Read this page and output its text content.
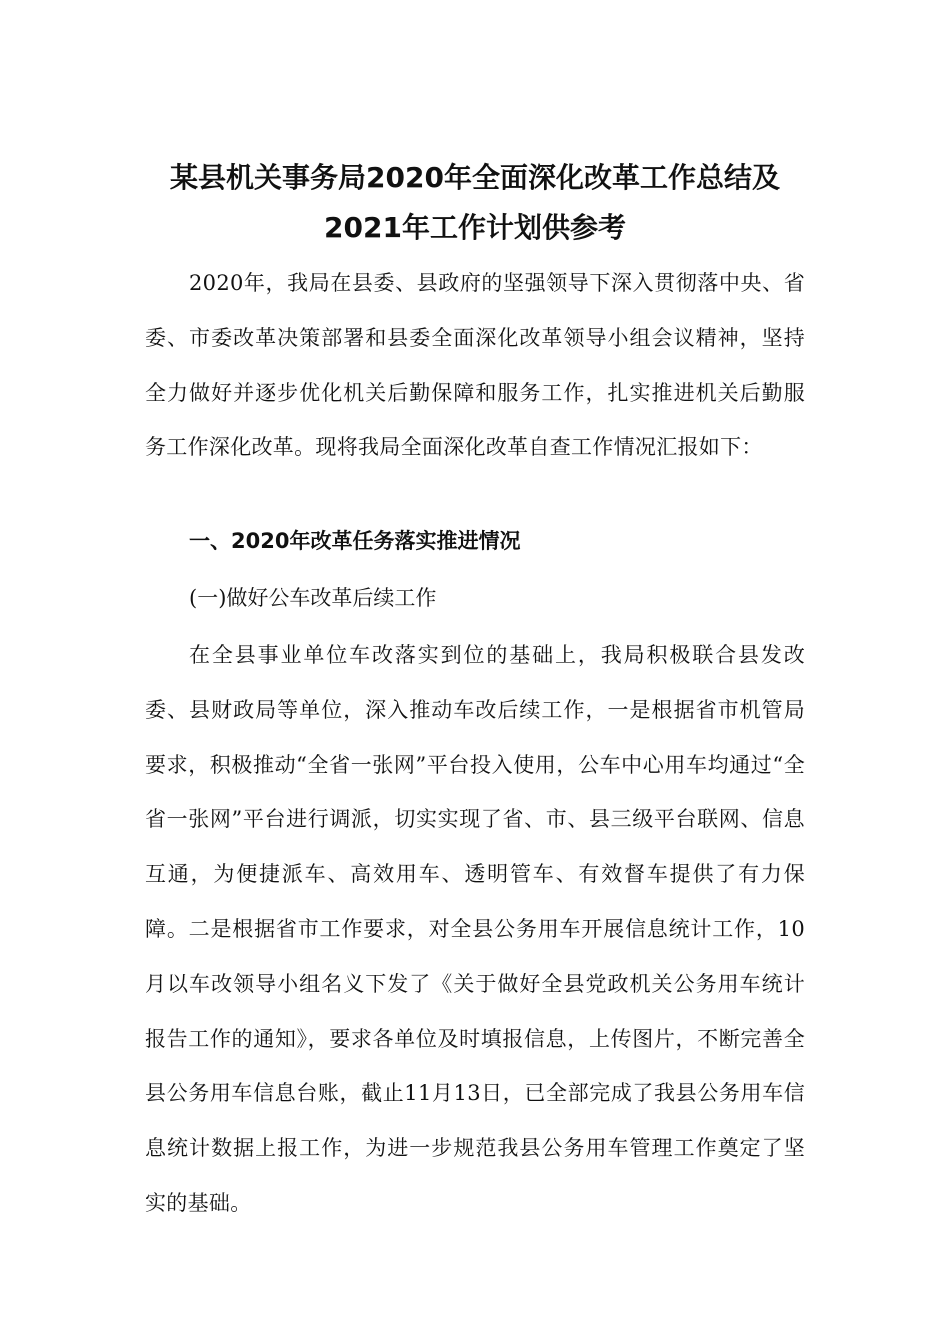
某县机关事务局2020年全面深化改革工作总结及
2021年工作计划供参考
2020年，我局在县委、县政府的坚强领导下深入贯彻落中央、省委、市委改革决策部署和县委全面深化改革领导小组会议精神，坚持全力做好并逐步优化机关后勤保障和服务工作，扎实推进机关后勤服务工作深化改革。现将我局全面深化改革自查工作情况汇报如下：
一、2020年改革任务落实推进情况
(一)做好公车改革后续工作
在全县事业单位车改落实到位的基础上，我局积极联合县发改委、县财政局等单位，深入推动车改后续工作，一是根据省市机管局要求，积极推动“全省一张网”平台投入使用，公车中心用车均通过“全省一张网”平台进行调派，切实实现了省、市、县三级平台联网、信息互通，为便捷派车、高效用车、透明管车、有效督车提供了有力保障。二是根据省市工作要求，对全县公务用车开展信息统计工作，10月以车改领导小组名义下发了《关于做好全县党政机关公务用车统计报告工作的通知》，要求各单位及时填报信息，上传图片，不断完善全县公务用车信息台账，截止11月13日，已全部完成了我县公务用车信息统计数据上报工作，为进一步规范我县公务用车管理工作奠定了坚实的基础。
